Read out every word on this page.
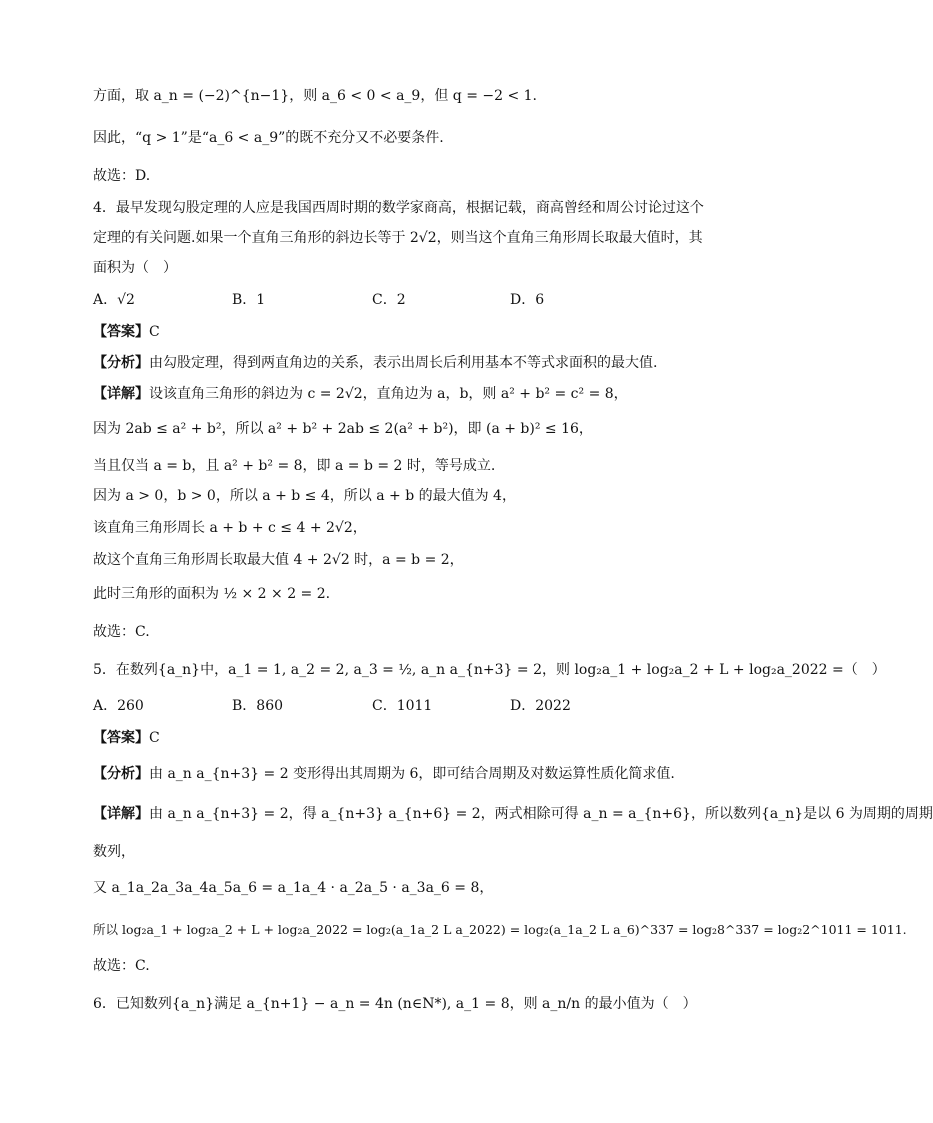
方面，取 a_n = (−2)^{n−1}，则 a_6 < 0 < a_9，但 q = −2 < 1.
因此，“q > 1”是“a_6 < a_9”的既不充分又不必要条件.
故选：D.
4．最早发现勾股定理的人应是我国西周时期的数学家商高，根据记载，商高曾经和周公讨论过这个
定理的有关问题.如果一个直角三角形的斜边长等于 2√2，则当这个直角三角形周长取最大值时，其
面积为（　）
A．√2	B．1	C．2	D．6
【答案】C
【分析】由勾股定理，得到两直角边的关系，表示出周长后利用基本不等式求面积的最大值.
【详解】设该直角三角形的斜边为 c = 2√2，直角边为 a，b，则 a² + b² = c² = 8，
因为 2ab ≤ a² + b²，所以 a² + b² + 2ab ≤ 2(a² + b²)，即 (a + b)² ≤ 16，
当且仅当 a = b，且 a² + b² = 8，即 a = b = 2 时，等号成立.
因为 a > 0，b > 0，所以 a + b ≤ 4，所以 a + b 的最大值为 4，
该直角三角形周长 a + b + c ≤ 4 + 2√2，
故这个直角三角形周长取最大值 4 + 2√2 时，a = b = 2，
此时三角形的面积为 ½ × 2 × 2 = 2.
故选：C.
5．在数列{a_n}中，a_1 = 1, a_2 = 2, a_3 = ½, a_n a_{n+3} = 2，则 log₂a_1 + log₂a_2 + L + log₂a_2022 =（　）
A．260	B．860	C．1011	D．2022
【答案】C
【分析】由 a_n a_{n+3} = 2 变形得出其周期为 6，即可结合周期及对数运算性质化简求值.
【详解】由 a_n a_{n+3} = 2，得 a_{n+3} a_{n+6} = 2，两式相除可得 a_n = a_{n+6}，所以数列{a_n}是以 6 为周期的周期
数列，
又 a_1a_2a_3a_4a_5a_6 = a_1a_4 · a_2a_5 · a_3a_6 = 8，
所以 log₂a_1 + log₂a_2 + L + log₂a_2022 = log₂(a_1a_2 L a_2022) = log₂(a_1a_2 L a_6)^337 = log₂8^337 = log₂2^1011 = 1011.
故选：C.
6．已知数列{a_n}满足 a_{n+1} − a_n = 4n (n∈N*), a_1 = 8，则 a_n/n 的最小值为（　）
